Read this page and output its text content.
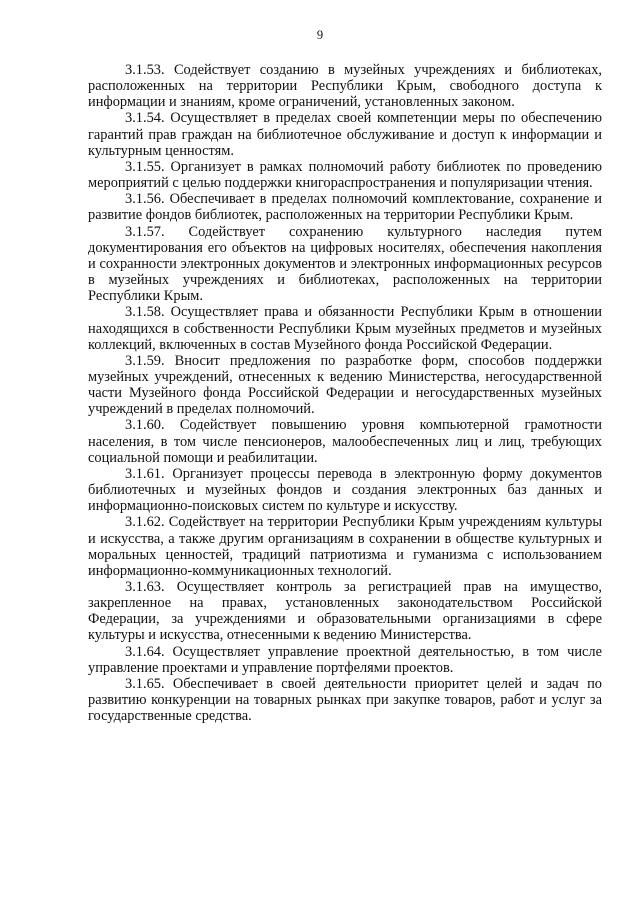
9

3.1.53. Содействует созданию в музейных учреждениях и библиотеках, расположенных на территории Республики Крым, свободного доступа к информации и знаниям, кроме ограничений, установленных законом.

3.1.54. Осуществляет в пределах своей компетенции меры по обеспечению гарантий прав граждан на библиотечное обслуживание и доступ к информации и культурным ценностям.

3.1.55. Организует в рамках полномочий работу библиотек по проведению мероприятий с целью поддержки книгораспространения и популяризации чтения.

3.1.56. Обеспечивает в пределах полномочий комплектование, сохранение и развитие фондов библиотек, расположенных на территории Республики Крым.

3.1.57. Содействует сохранению культурного наследия путем документирования его объектов на цифровых носителях, обеспечения накопления и сохранности электронных документов и электронных информационных ресурсов в музейных учреждениях и библиотеках, расположенных на территории Республики Крым.

3.1.58. Осуществляет права и обязанности Республики Крым в отношении находящихся в собственности Республики Крым музейных предметов и музейных коллекций, включенных в состав Музейного фонда Российской Федерации.

3.1.59. Вносит предложения по разработке форм, способов поддержки музейных учреждений, отнесенных к ведению Министерства, негосударственной части Музейного фонда Российской Федерации и негосударственных музейных учреждений в пределах полномочий.

3.1.60. Содействует повышению уровня компьютерной грамотности населения, в том числе пенсионеров, малообеспеченных лиц и лиц, требующих социальной помощи и реабилитации.

3.1.61. Организует процессы перевода в электронную форму документов библиотечных и музейных фондов и создания электронных баз данных и информационно-поисковых систем по культуре и искусству.

3.1.62. Содействует на территории Республики Крым учреждениям культуры и искусства, а также другим организациям в сохранении в обществе культурных и моральных ценностей, традиций патриотизма и гуманизма с использованием информационно-коммуникационных технологий.

3.1.63. Осуществляет контроль за регистрацией прав на имущество, закрепленное на правах, установленных законодательством Российской Федерации, за учреждениями и образовательными организациями в сфере культуры и искусства, отнесенными к ведению Министерства.

3.1.64. Осуществляет управление проектной деятельностью, в том числе управление проектами и управление портфелями проектов.

3.1.65. Обеспечивает в своей деятельности приоритет целей и задач по развитию конкуренции на товарных рынках при закупке товаров, работ и услуг за государственные средства.
